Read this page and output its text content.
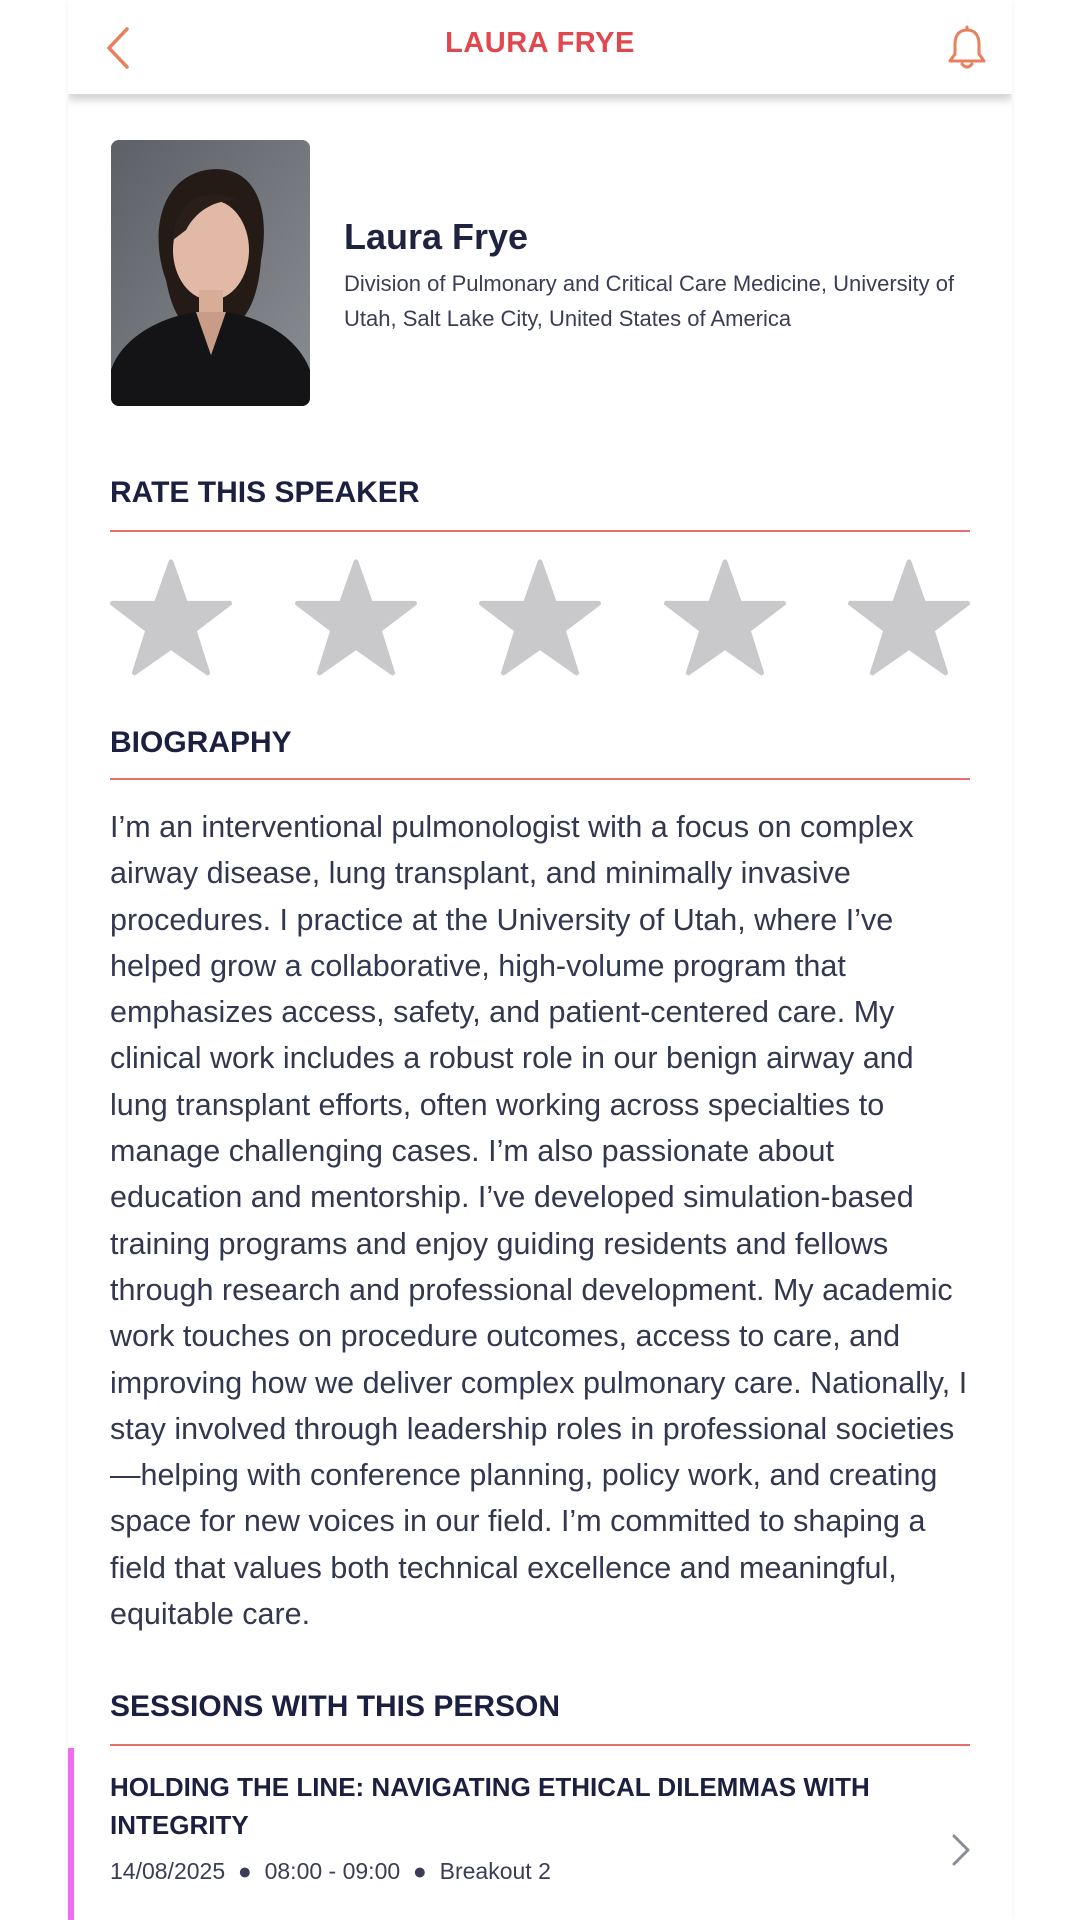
LAURA FRYE
Laura Frye
Division of Pulmonary and Critical Care Medicine, University of Utah, Salt Lake City, United States of America
RATE THIS SPEAKER
BIOGRAPHY
I’m an interventional pulmonologist with a focus on complex airway disease, lung transplant, and minimally invasive procedures. I practice at the University of Utah, where I’ve helped grow a collaborative, high-volume program that emphasizes access, safety, and patient-centered care. My clinical work includes a robust role in our benign airway and lung transplant efforts, often working across specialties to manage challenging cases. I’m also passionate about education and mentorship. I’ve developed simulation-based training programs and enjoy guiding residents and fellows through research and professional development. My academic work touches on procedure outcomes, access to care, and improving how we deliver complex pulmonary care. Nationally, I stay involved through leadership roles in professional societies—helping with conference planning, policy work, and creating space for new voices in our field. I’m committed to shaping a field that values both technical excellence and meaningful, equitable care.
SESSIONS WITH THIS PERSON
HOLDING THE LINE: NAVIGATING ETHICAL DILEMMAS WITH INTEGRITY
14/08/2025  ●  08:00 - 09:00  ●  Breakout 2
